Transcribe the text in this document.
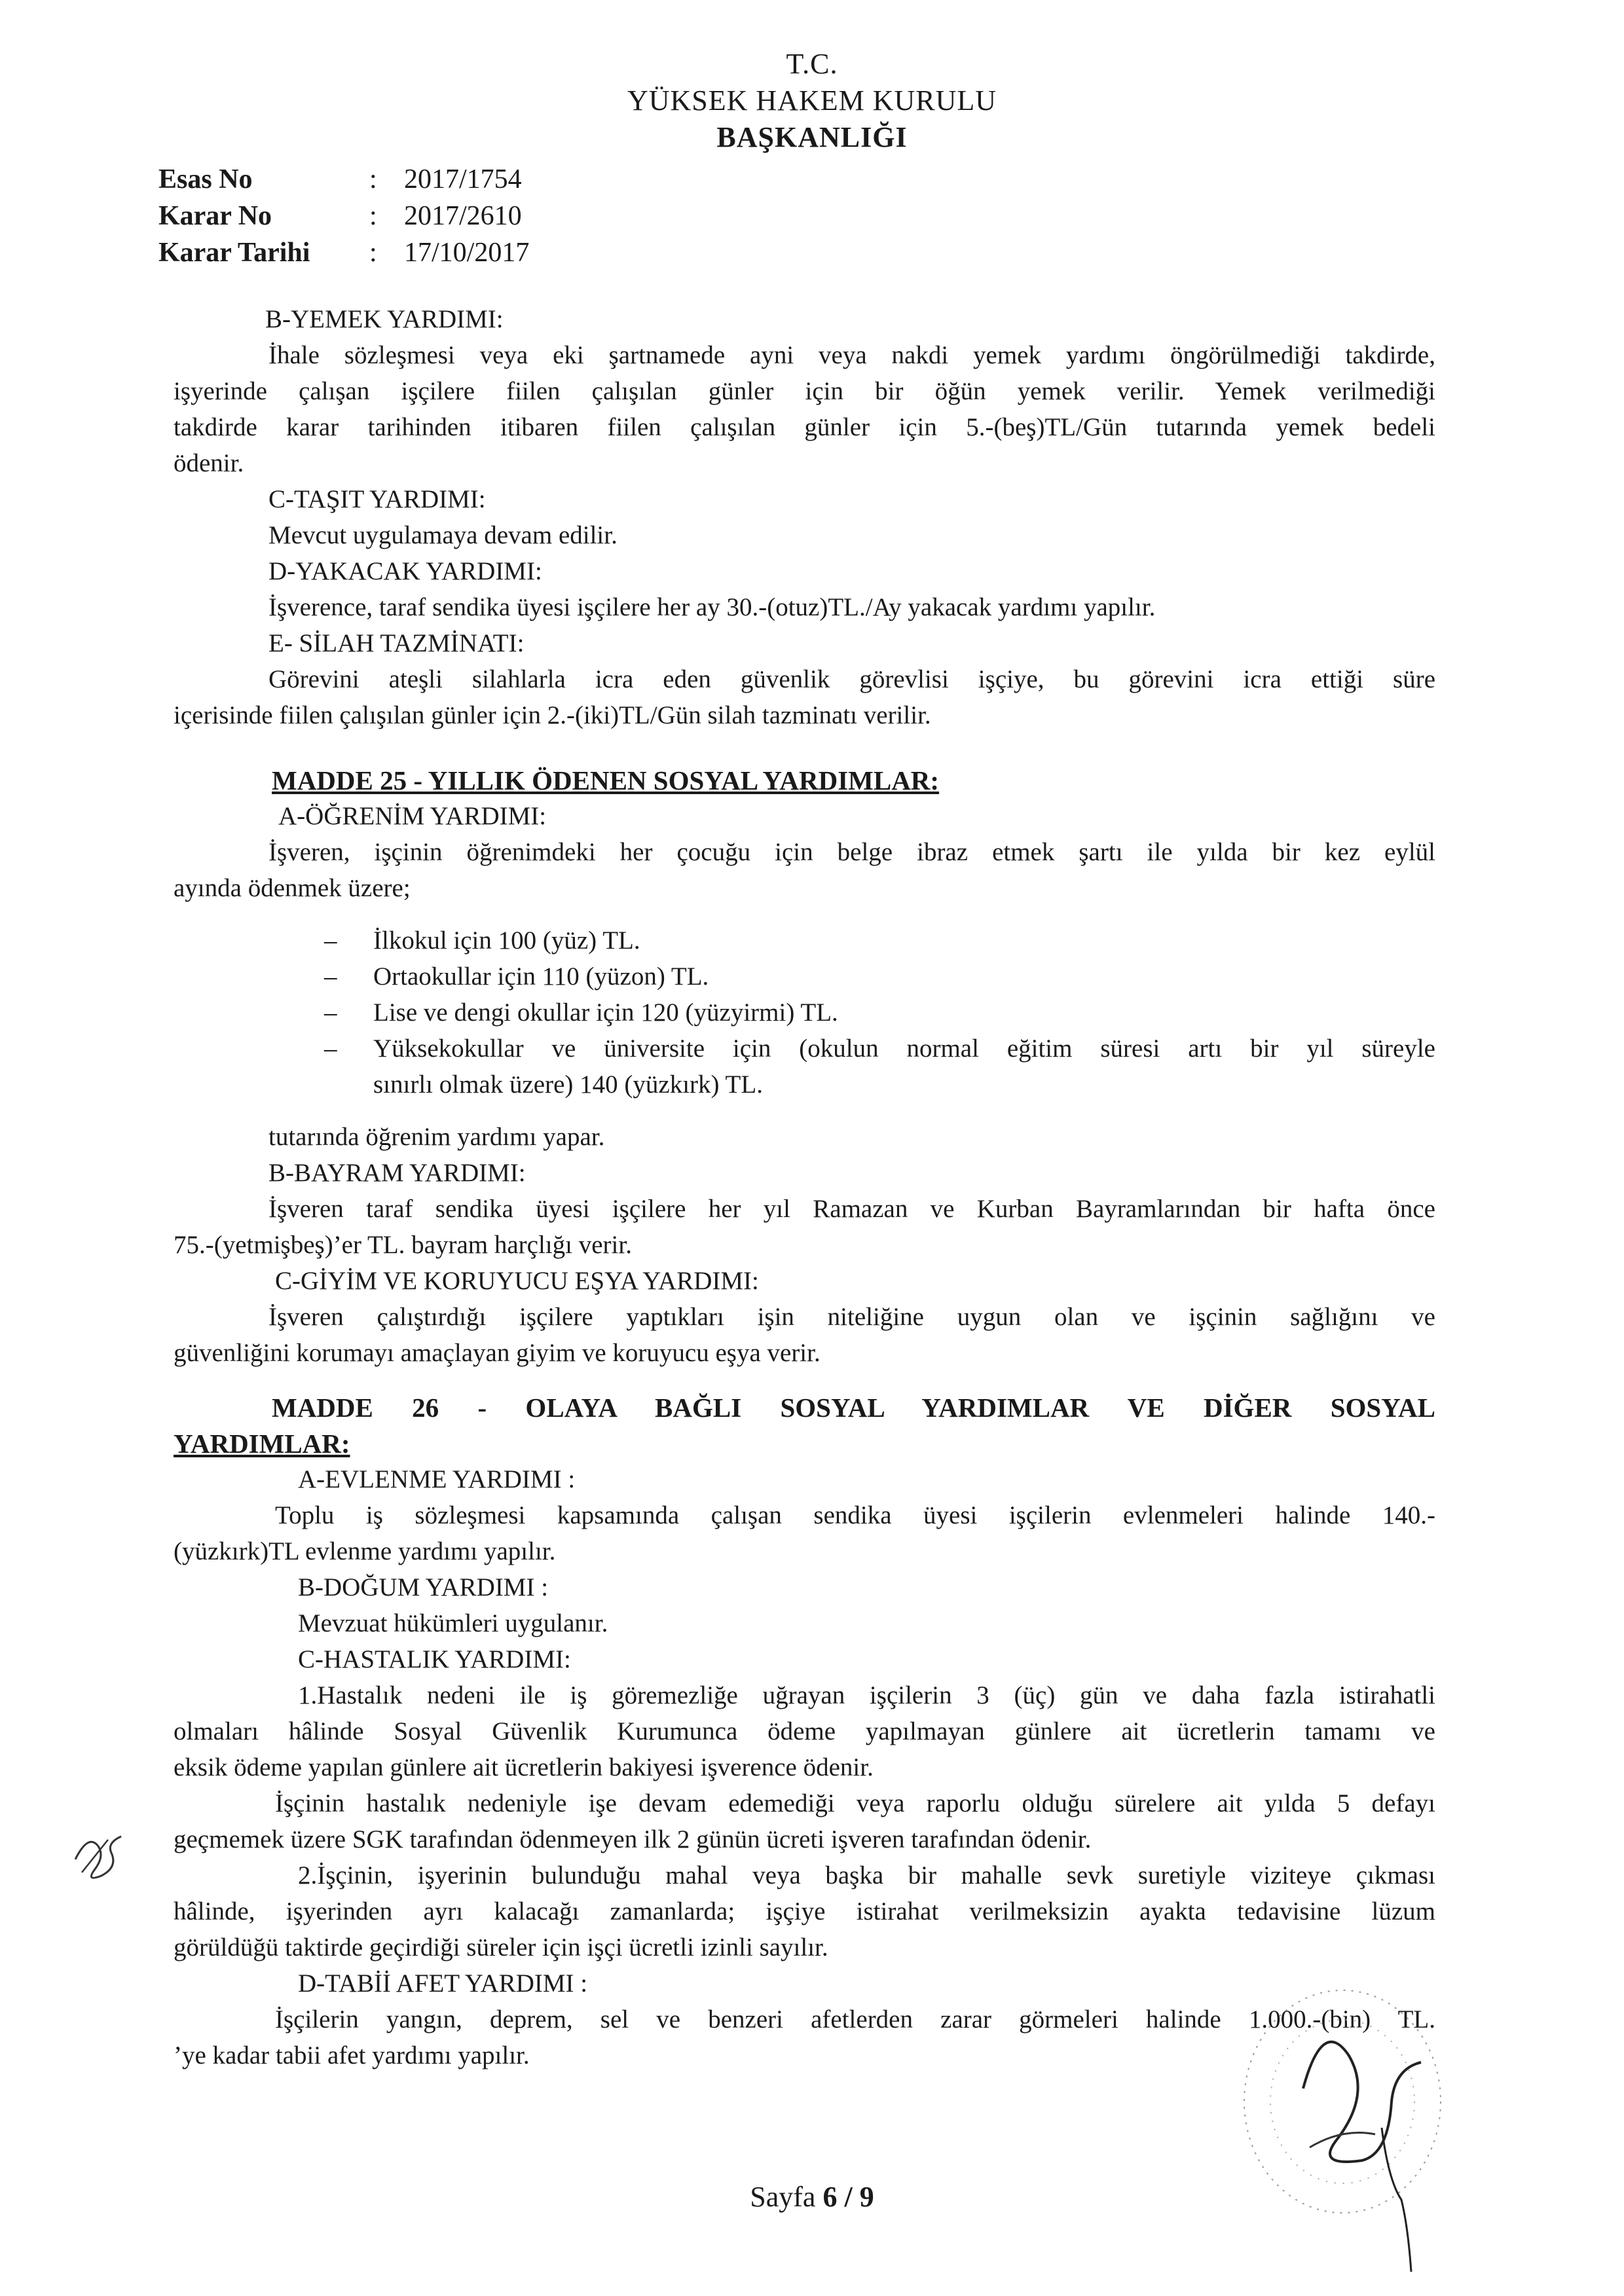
T.C.
YÜKSEK HAKEM KURULU
BAŞKANLIĞI
Esas No	: 2017/1754
Karar No	: 2017/2610
Karar Tarihi : 17/10/2017
B-YEMEK YARDIMI:
İhale sözleşmesi veya eki şartnamede ayni veya nakdi yemek yardımı öngörülmediği takdirde,
işyerinde çalışan işçilere fiilen çalışılan günler için bir öğün yemek verilir. Yemek verilmediği
takdirde karar tarihinden itibaren fiilen çalışılan günler için 5.-(beş)TL/Gün tutarında yemek bedeli
ödenir.
C-TAŞIT YARDIMI:
Mevcut uygulamaya devam edilir.
D-YAKACAK YARDIMI:
İşverence, taraf sendika üyesi işçilere her ay 30.-(otuz)TL./Ay yakacak yardımı yapılır.
E- SİLAH TAZMİNATI:
Görevini ateşli silahlarla icra eden güvenlik görevlisi işçiye, bu görevini icra ettiği süre
içerisinde fiilen çalışılan günler için 2.-(iki)TL/Gün silah tazminatı verilir.
MADDE 25 - YILLIK ÖDENEN SOSYAL YARDIMLAR:
A-ÖĞRENİM YARDIMI:
İşveren, işçinin öğrenimdeki her çocuğu için belge ibraz etmek şartı ile yılda bir kez eylül
ayında ödenmek üzere;
– İlkokul için 100 (yüz) TL.
– Ortaokullar için 110 (yüzon) TL.
– Lise ve dengi okullar için 120 (yüzyirmi) TL.
– Yüksekokullar ve üniversite için (okulun normal eğitim süresi artı bir yıl süreyle
sınırlı olmak üzere) 140 (yüzkırk) TL.
tutarında öğrenim yardımı yapar.
B-BAYRAM YARDIMI:
İşveren taraf sendika üyesi işçilere her yıl Ramazan ve Kurban Bayramlarından bir hafta önce
75.-(yetmişbeş)’er TL. bayram harçlığı verir.
C-GİYİM VE KORUYUCU EŞYA YARDIMI:
İşveren çalıştırdığı işçilere yaptıkları işin niteliğine uygun olan ve işçinin sağlığını ve
güvenliğini korumayı amaçlayan giyim ve koruyucu eşya verir.
MADDE 26 - OLAYA BAĞLI SOSYAL YARDIMLAR VE DİĞER SOSYAL
YARDIMLAR:
A-EVLENME YARDIMI :
Toplu iş sözleşmesi kapsamında çalışan sendika üyesi işçilerin evlenmeleri halinde 140.-
(yüzkırk)TL evlenme yardımı yapılır.
B-DOĞUM YARDIMI :
Mevzuat hükümleri uygulanır.
C-HASTALIK YARDIMI:
1.Hastalık nedeni ile iş göremezliğe uğrayan işçilerin 3 (üç) gün ve daha fazla istirahatli
olmaları hâlinde Sosyal Güvenlik Kurumunca ödeme yapılmayan günlere ait ücretlerin tamamı ve
eksik ödeme yapılan günlere ait ücretlerin bakiyesi işverence ödenir.
İşçinin hastalık nedeniyle işe devam edemediği veya raporlu olduğu sürelere ait yılda 5 defayı
geçmemek üzere SGK tarafından ödenmeyen ilk 2 günün ücreti işveren tarafından ödenir.
2.İşçinin, işyerinin bulunduğu mahal veya başka bir mahalle sevk suretiyle viziteye çıkması
hâlinde, işyerinden ayrı kalacağı zamanlarda; işçiye istirahat verilmeksizin ayakta tedavisine lüzum
görüldüğü taktirde geçirdiği süreler için işçi ücretli izinli sayılır.
D-TABİİ AFET YARDIMI :
İşçilerin yangın, deprem, sel ve benzeri afetlerden zarar görmeleri halinde 1.000.-(bin) TL.
’ye kadar tabii afet yardımı yapılır.
Sayfa 6 / 9
